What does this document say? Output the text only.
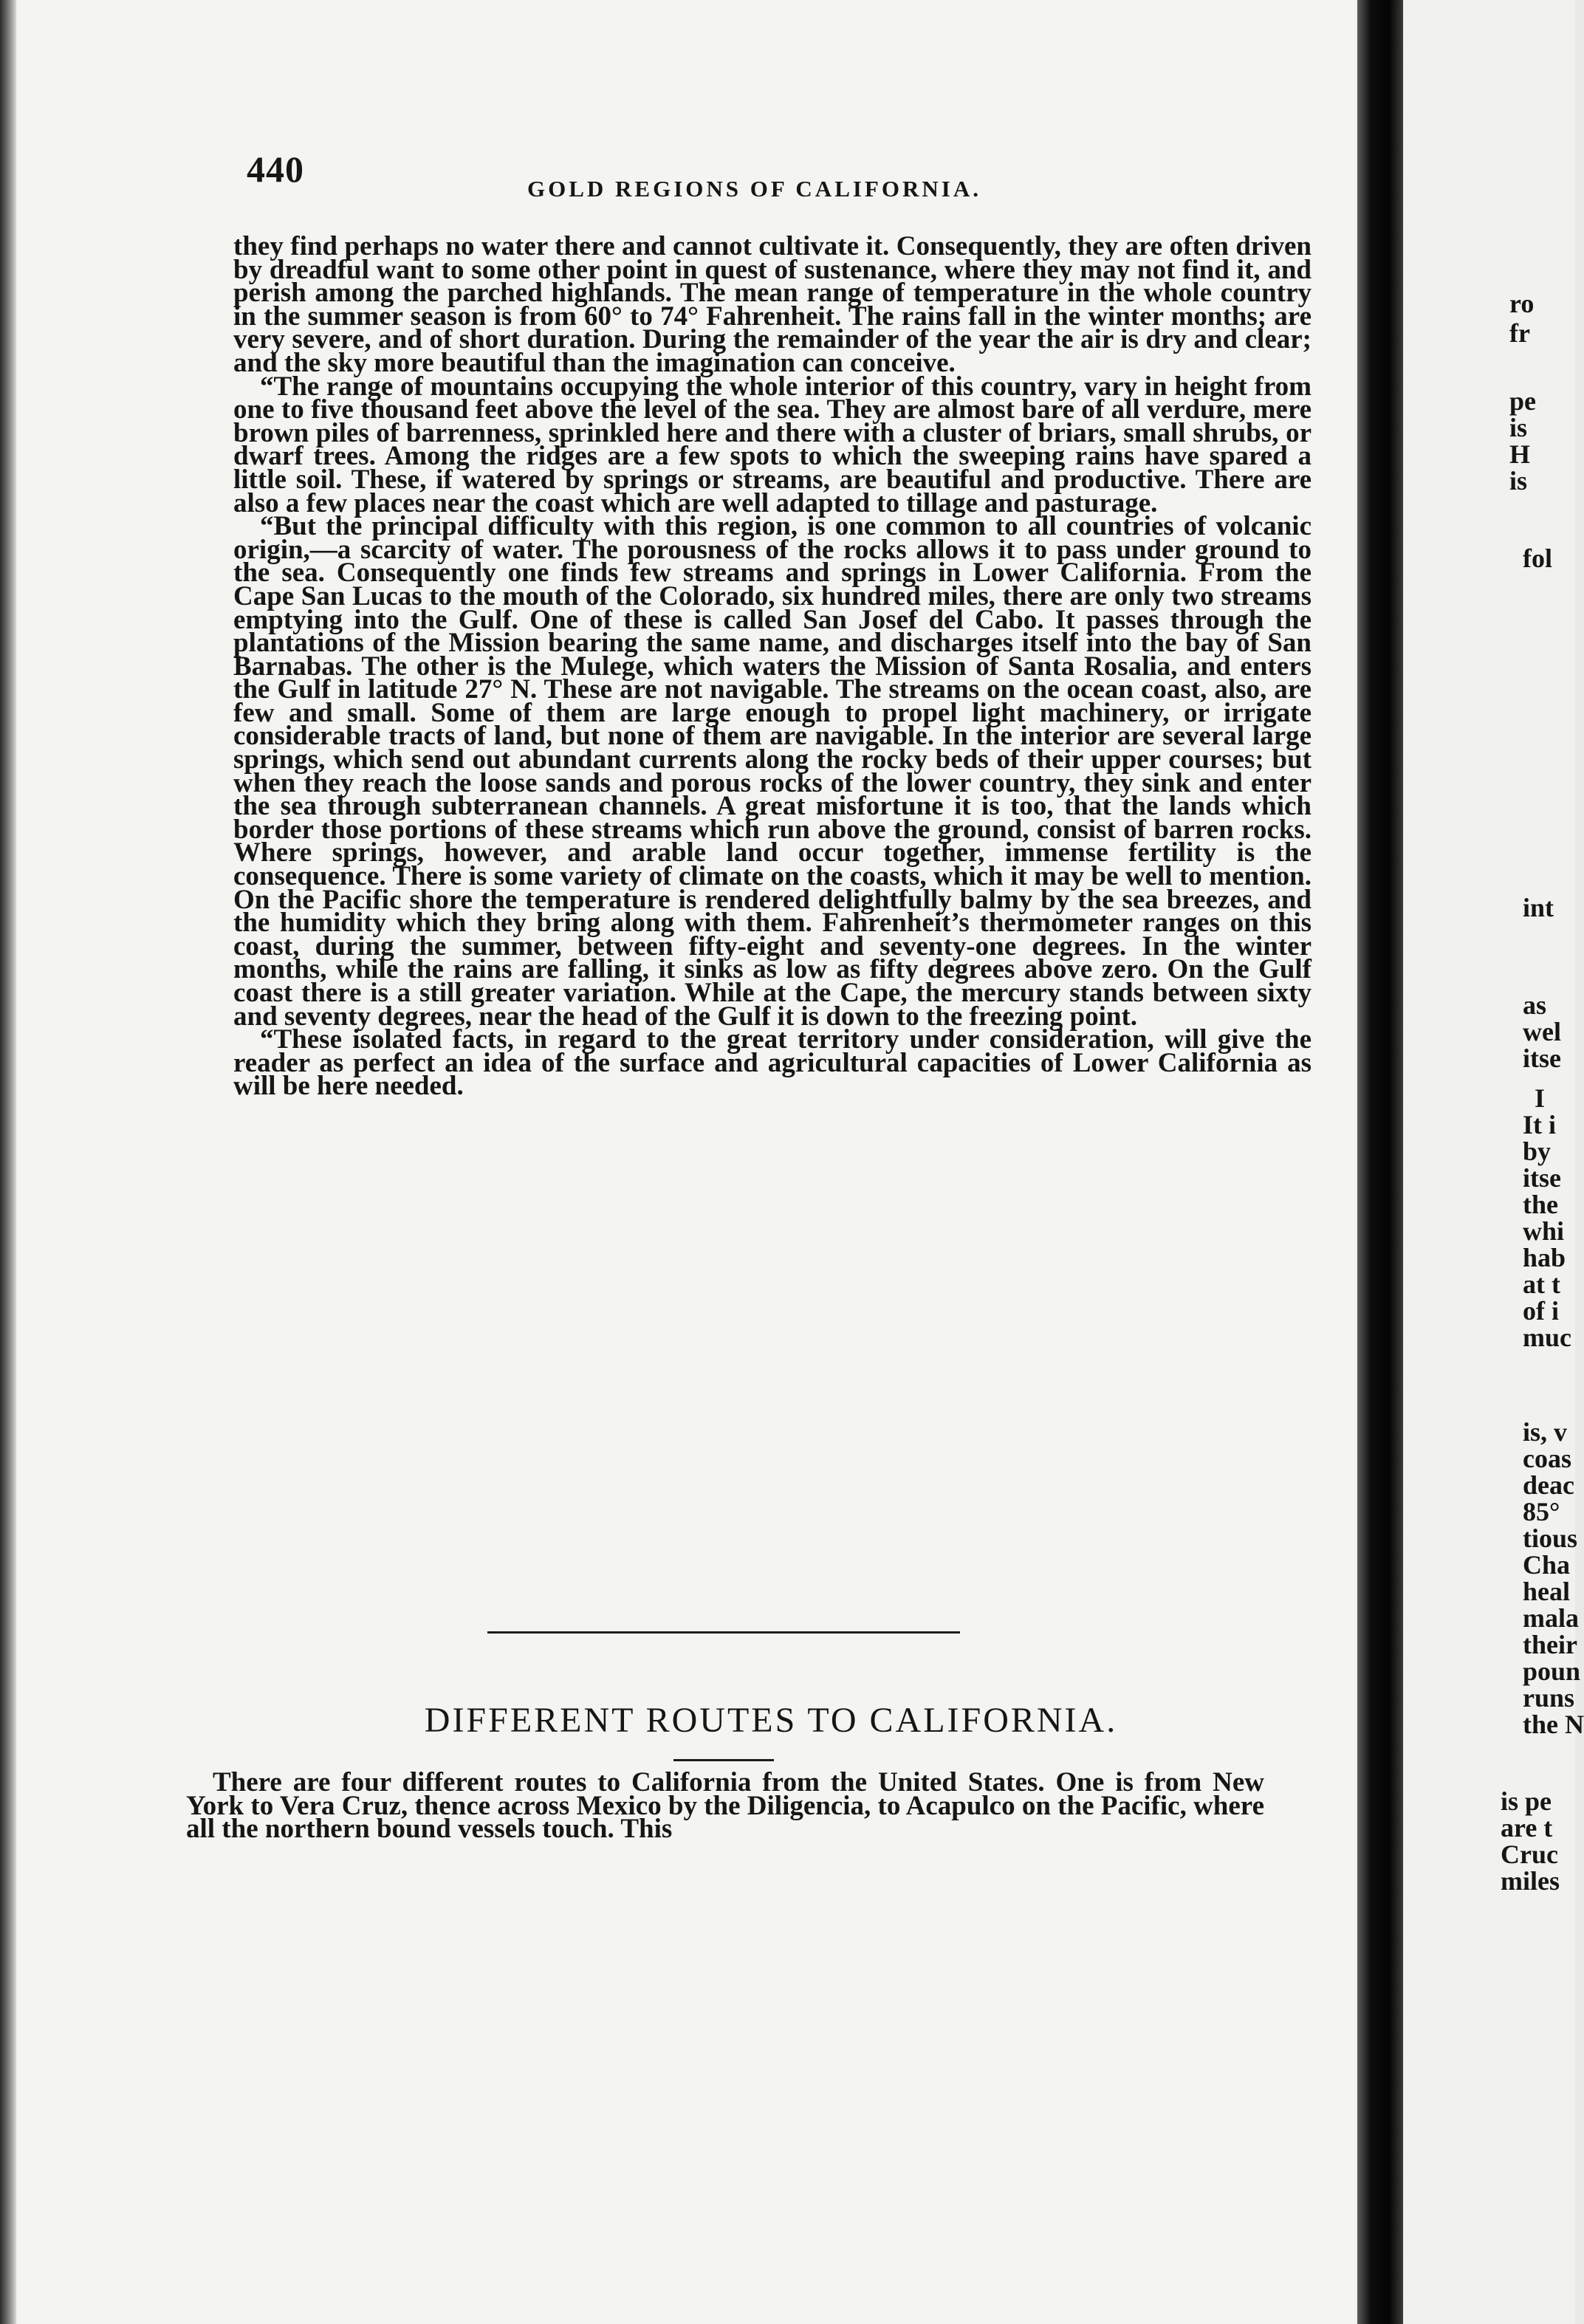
440	GOLD REGIONS OF CALIFORNIA.

they find perhaps no water there and cannot cultivate it. Consequently, they are often driven by dreadful want to some other point in quest of sustenance, where they may not find it, and perish among the parched highlands. The mean range of temperature in the whole country in the summer season is from 60° to 74° Fahrenheit. The rains fall in the winter months; are very severe, and of short duration. During the remainder of the year the air is dry and clear; and the sky more beautiful than the imagination can conceive.

“The range of mountains occupying the whole interior of this country, vary in height from one to five thousand feet above the level of the sea. They are almost bare of all verdure, mere brown piles of barrenness, sprinkled here and there with a cluster of briars, small shrubs, or dwarf trees. Among the ridges are a few spots to which the sweeping rains have spared a little soil. These, if watered by springs or streams, are beautiful and productive. There are also a few places near the coast which are well adapted to tillage and pasturage.

“But the principal difficulty with this region, is one common to all countries of volcanic origin,—a scarcity of water. The porousness of the rocks allows it to pass under ground to the sea. Consequently one finds few streams and springs in Lower California. From the Cape San Lucas to the mouth of the Colorado, six hundred miles, there are only two streams emptying into the Gulf. One of these is called San Josef del Cabo. It passes through the plantations of the Mission bearing the same name, and discharges itself into the bay of San Barnabas. The other is the Mulege, which waters the Mission of Santa Rosalia, and enters the Gulf in latitude 27° N. These are not navigable. The streams on the ocean coast, also, are few and small. Some of them are large enough to propel light machinery, or irrigate considerable tracts of land, but none of them are navigable. In the interior are several large springs, which send out abundant currents along the rocky beds of their upper courses; but when they reach the loose sands and porous rocks of the lower country, they sink and enter the sea through subterranean channels. A great misfortune it is too, that the lands which border those portions of these streams which run above the ground, consist of barren rocks. Where springs, however, and arable land occur together, immense fertility is the consequence. There is some variety of climate on the coasts, which it may be well to mention. On the Pacific shore the temperature is rendered delightfully balmy by the sea breezes, and the humidity which they bring along with them. Fahrenheit’s thermometer ranges on this coast, during the summer, between fifty-eight and seventy-one degrees. In the winter months, while the rains are falling, it sinks as low as fifty degrees above zero. On the Gulf coast there is a still greater variation. While at the Cape, the mercury stands between sixty and seventy degrees, near the head of the Gulf it is down to the freezing point.

“These isolated facts, in regard to the great territory under consideration, will give the reader as perfect an idea of the surface and agricultural capacities of Lower California as will be here needed.

DIFFERENT ROUTES TO CALIFORNIA.

There are four different routes to California from the United States. One is from New York to Vera Cruz, thence across Mexico by the Diligencia, to Acapulco on the Pacific, where all the northern bound vessels touch. This

ro
fr
pe
is
H
is
fol
int
as
wel
itse
I
It i
by
itse
the
whi
hab
at t
of i
muc
is, v
coas
deac
85°
tious
Cha
heal
mala
their
poun
runs
the N
is pe
are t
Cruc
miles
